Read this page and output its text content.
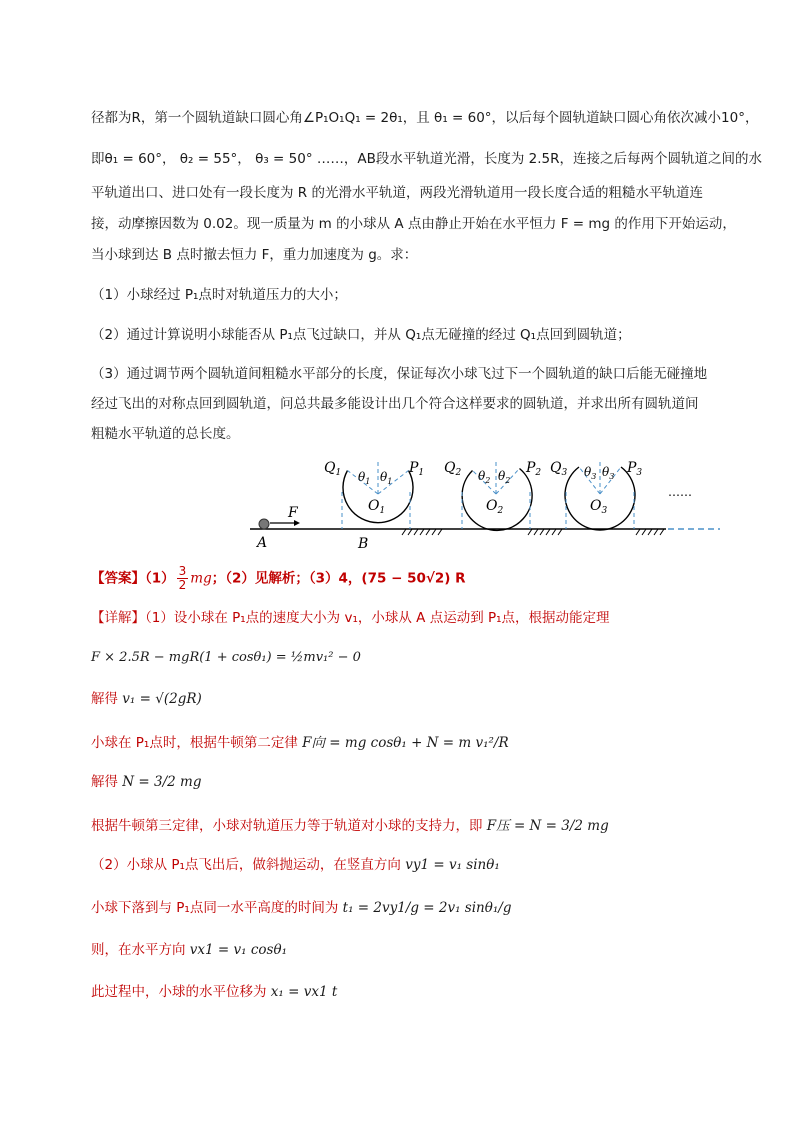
径都为R，第一个圆轨道缺口圆心角∠P₁O₁Q₁ = 2θ₁，且 θ₁ = 60°，以后每个圆轨道缺口圆心角依次减小10°，
即θ₁ = 60°， θ₂ = 55°， θ₃ = 50° ……，AB段水平轨道光滑，长度为 2.5R，连接之后每两个圆轨道之间的水
平轨道出口、进口处有一段长度为 R 的光滑水平轨道，两段光滑轨道用一段长度合适的粗糙水平轨道连
接，动摩擦因数为 0.02。现一质量为 m 的小球从 A 点由静止开始在水平恒力 F = mg 的作用下开始运动，
当小球到达 B 点时撤去恒力 F，重力加速度为 g。求：
（1）小球经过 P₁点时对轨道压力的大小；
（2）通过计算说明小球能否从 P₁点飞过缺口，并从 Q₁点无碰撞的经过 Q₁点回到圆轨道；
（3）通过调节两个圆轨道间粗糙水平部分的长度，保证每次小球飞过下一个圆轨道的缺口后能无碰撞地
经过飞出的对称点回到圆轨道，问总共最多能设计出几个符合这样要求的圆轨道，并求出所有圆轨道间
粗糙水平轨道的总长度。
F
A	B
$Q_1$	$P_1$
$\theta_1$ $\theta_1$
$O_1$
$Q_2$	$P_2$
$\theta_2$ $\theta_2$
$O_2$
$Q_3$	$P_3$
$\theta_3$ $\theta_3$
$O_3$
……
【答案】$(1) \frac{3}{2}$ mg；（2）见解析；（3）4，(75 − 50√2) R
【详解】（1）设小球在 P₁点的速度大小为 v₁，小球从 A 点运动到 P₁点，根据动能定理
F × 2.5R − mgR(1 + cosθ₁) = ½mv₁² − 0
解得 v₁ = √(2gR)
小球在 P₁点时，根据牛顿第二定律 F向 = mg cosθ₁ + N = m v₁²/R
解得 N = 3/2 mg
根据牛顿第三定律，小球对轨道压力等于轨道对小球的支持力，即 F压 = N = 3/2 mg
（2）小球从 P₁点飞出后，做斜抛运动，在竖直方向 vy1 = v₁ sinθ₁
小球下落到与 P₁点同一水平高度的时间为 t₁ = 2vy1/g = 2v₁ sinθ₁/g
则，在水平方向 vx1 = v₁ cosθ₁
此过程中，小球的水平位移为 x₁ = vx1 t
